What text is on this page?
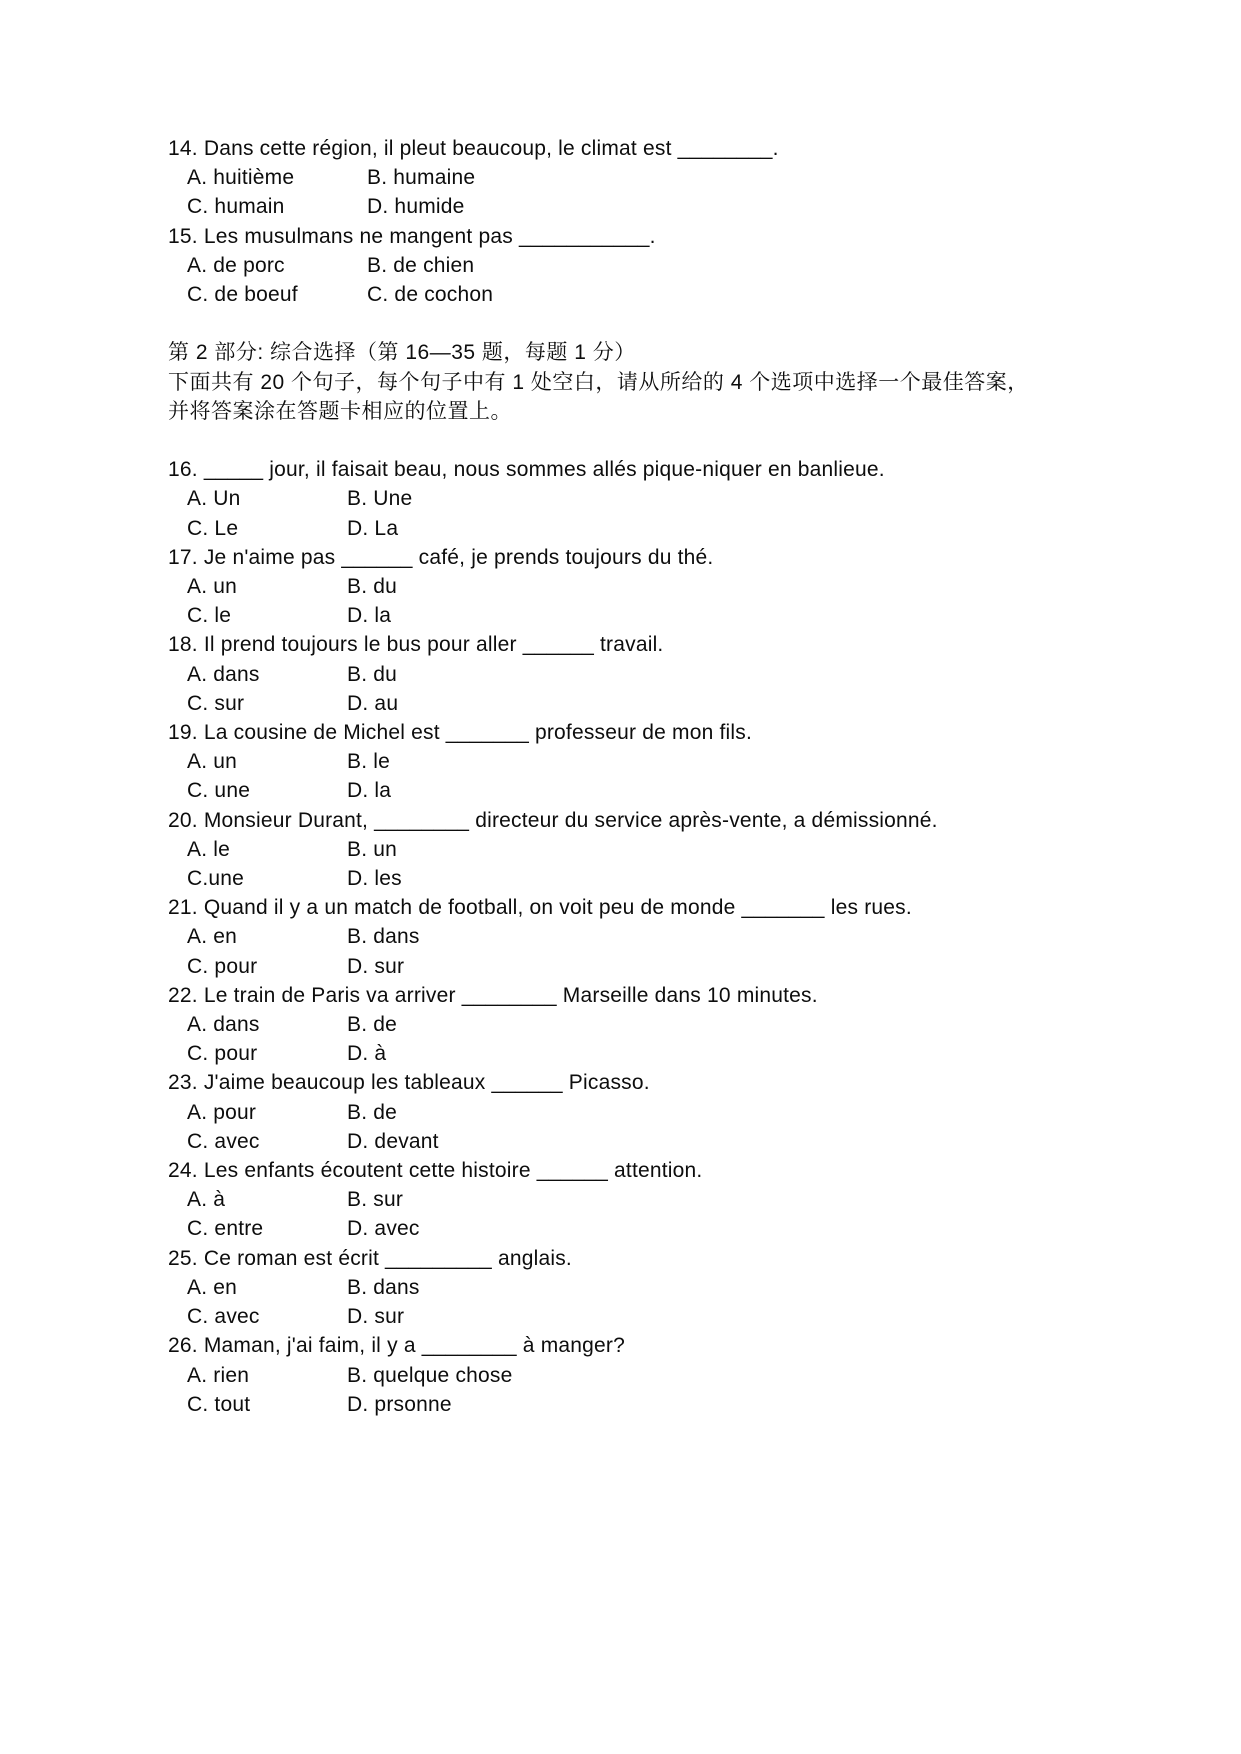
14. Dans cette région, il pleut beaucoup, le climat est ________.

A. huitième	B. humaine
C. humain	D. humide

15. Les musulmans ne mangent pas ___________.

A. de porc	B. de chien
C. de boeuf	C. de cochon

第 2 部分: 综合选择（第 16—35 题，每题 1 分）

下面共有 20 个句子，每个句子中有 1 处空白，请从所给的 4 个选项中选择一个最佳答案，

并将答案涂在答题卡相应的位置上。

16. _____ jour, il faisait beau, nous sommes allés pique-niquer en banlieue.

A. Un	B. Une
C. Le	D. La

17. Je n'aime pas ______ café, je prends toujours du thé.

A. un	B. du
C. le	D. la

18. Il prend toujours le bus pour aller ______ travail.

A. dans	B. du
C. sur	D. au

19. La cousine de Michel est _______ professeur de mon fils.

A. un	B. le
C. une	D. la

20. Monsieur Durant, ________ directeur du service après-vente, a démissionné.

A. le	B. un
C.une	D. les

21. Quand il y a un match de football, on voit peu de monde _______ les rues.

A. en	B. dans
C. pour	D. sur

22. Le train de Paris va arriver ________ Marseille dans 10 minutes.

A. dans	B. de
C. pour	D. à

23. J'aime beaucoup les tableaux ______ Picasso.

A. pour	B. de
C. avec	D. devant

24. Les enfants écoutent cette histoire ______ attention.

A. à	B. sur
C. entre	D. avec

25. Ce roman est écrit _________ anglais.

A. en	B. dans
C. avec	D. sur

26. Maman, j'ai faim, il y a ________ à manger?

A. rien	B. quelque chose
C. tout	D. prsonne
